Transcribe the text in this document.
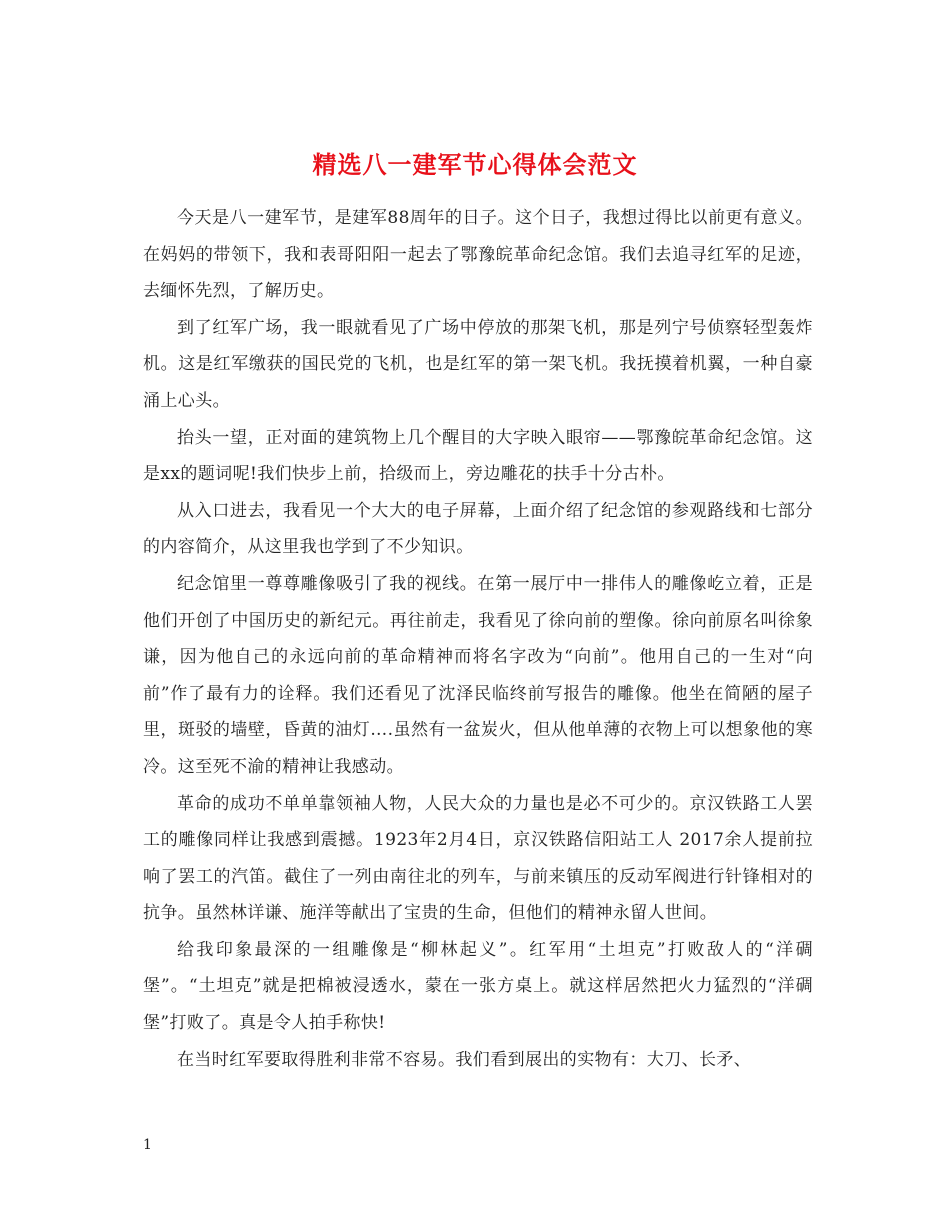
精选八一建军节心得体会范文

今天是八一建军节，是建军88周年的日子。这个日子，我想过得比以前更有意义。在妈妈的带领下，我和表哥阳阳一起去了鄂豫皖革命纪念馆。我们去追寻红军的足迹，去缅怀先烈，了解历史。

到了红军广场，我一眼就看见了广场中停放的那架飞机，那是列宁号侦察轻型轰炸机。这是红军缴获的国民党的飞机，也是红军的第一架飞机。我抚摸着机翼，一种自豪涌上心头。

抬头一望，正对面的建筑物上几个醒目的大字映入眼帘——鄂豫皖革命纪念馆。这是xx的题词呢!我们快步上前，拾级而上，旁边雕花的扶手十分古朴。

从入口进去，我看见一个大大的电子屏幕，上面介绍了纪念馆的参观路线和七部分的内容简介，从这里我也学到了不少知识。

纪念馆里一尊尊雕像吸引了我的视线。在第一展厅中一排伟人的雕像屹立着，正是他们开创了中国历史的新纪元。再往前走，我看见了徐向前的塑像。徐向前原名叫徐象谦，因为他自己的永远向前的革命精神而将名字改为“向前”。他用自己的一生对“向前”作了最有力的诠释。我们还看见了沈泽民临终前写报告的雕像。他坐在简陋的屋子里，斑驳的墙壁，昏黄的油灯….虽然有一盆炭火，但从他单薄的衣物上可以想象他的寒冷。这至死不渝的精神让我感动。

革命的成功不单单靠领袖人物，人民大众的力量也是必不可少的。京汉铁路工人罢工的雕像同样让我感到震撼。1923年2月4日，京汉铁路信阳站工人 2017余人提前拉响了罢工的汽笛。截住了一列由南往北的列车，与前来镇压的反动军阀进行针锋相对的抗争。虽然林详谦、施洋等献出了宝贵的生命，但他们的精神永留人世间。

给我印象最深的一组雕像是“柳林起义”。红军用“土坦克”打败敌人的“洋碉堡”。“土坦克”就是把棉被浸透水，蒙在一张方桌上。就这样居然把火力猛烈的“洋碉堡”打败了。真是令人拍手称快!

在当时红军要取得胜利非常不容易。我们看到展出的实物有：大刀、长矛、

1
